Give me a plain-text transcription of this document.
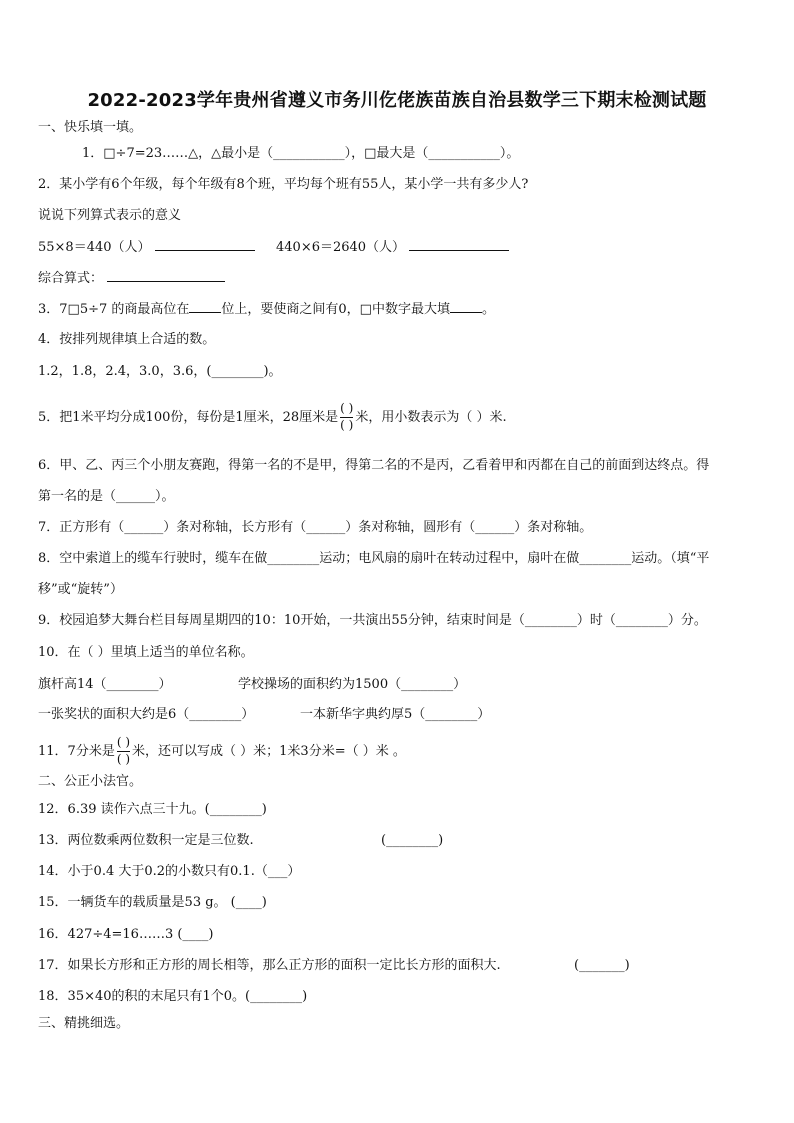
2022-2023学年贵州省遵义市务川仡佬族苗族自治县数学三下期末检测试题
一、快乐填一填。
1．□÷7=23……△，△最小是（___________），□最大是（___________）。
2．某小学有6个年级，每个年级有8个班，平均每个班有55人，某小学一共有多少人?
说说下列算式表示的意义
55×8＝440（人）	440×6＝2640（人）
综合算式：
3．7□5÷7 的商最高位在 位上，要使商之间有0，□中数字最大填 。
4．按排列规律填上合适的数。
1.2，1.8，2.4，3.0，3.6，(________)。
5．把1米平均分成100份，每份是1厘米，28厘米是 $\frac{( )}{( )}$ 米，用小数表示为（ ）米.
6．甲、乙、丙三个小朋友赛跑，得第一名的不是甲，得第二名的不是丙，乙看着甲和丙都在自己的前面到达终点。得
第一名的是（______）。
7．正方形有（______）条对称轴，长方形有（______）条对称轴，圆形有（______）条对称轴。
8．空中索道上的缆车行驶时，缆车在做________运动；电风扇的扇叶在转动过程中，扇叶在做________运动。（填“平
移”或“旋转”）
9．校园追梦大舞台栏目每周星期四的10：10开始，一共演出55分钟，结束时间是（________）时（________）分。
10．在（ ）里填上适当的单位名称。
旗杆高14（________）	学校操场的面积约为1500（________）
一张奖状的面积大约是6（________）	一本新华字典约厚5（________）
11．7分米是 $\frac{( )}{( )}$ 米，还可以写成（ ）米；1米3分米=（ ）米 。
二、公正小法官。
12．6.39 读作六点三十九。(________)
13．两位数乘两位数积一定是三位数.	(________)
14．小于0.4 大于0.2的小数只有0.1.（___）
15．一辆货车的载质量是53 g。 (____)
16．427÷4=16……3 (____)
17．如果长方形和正方形的周长相等，那么正方形的面积一定比长方形的面积大.	(_______)
18．35×40的积的末尾只有1个0。(________)
三、精挑细选。
